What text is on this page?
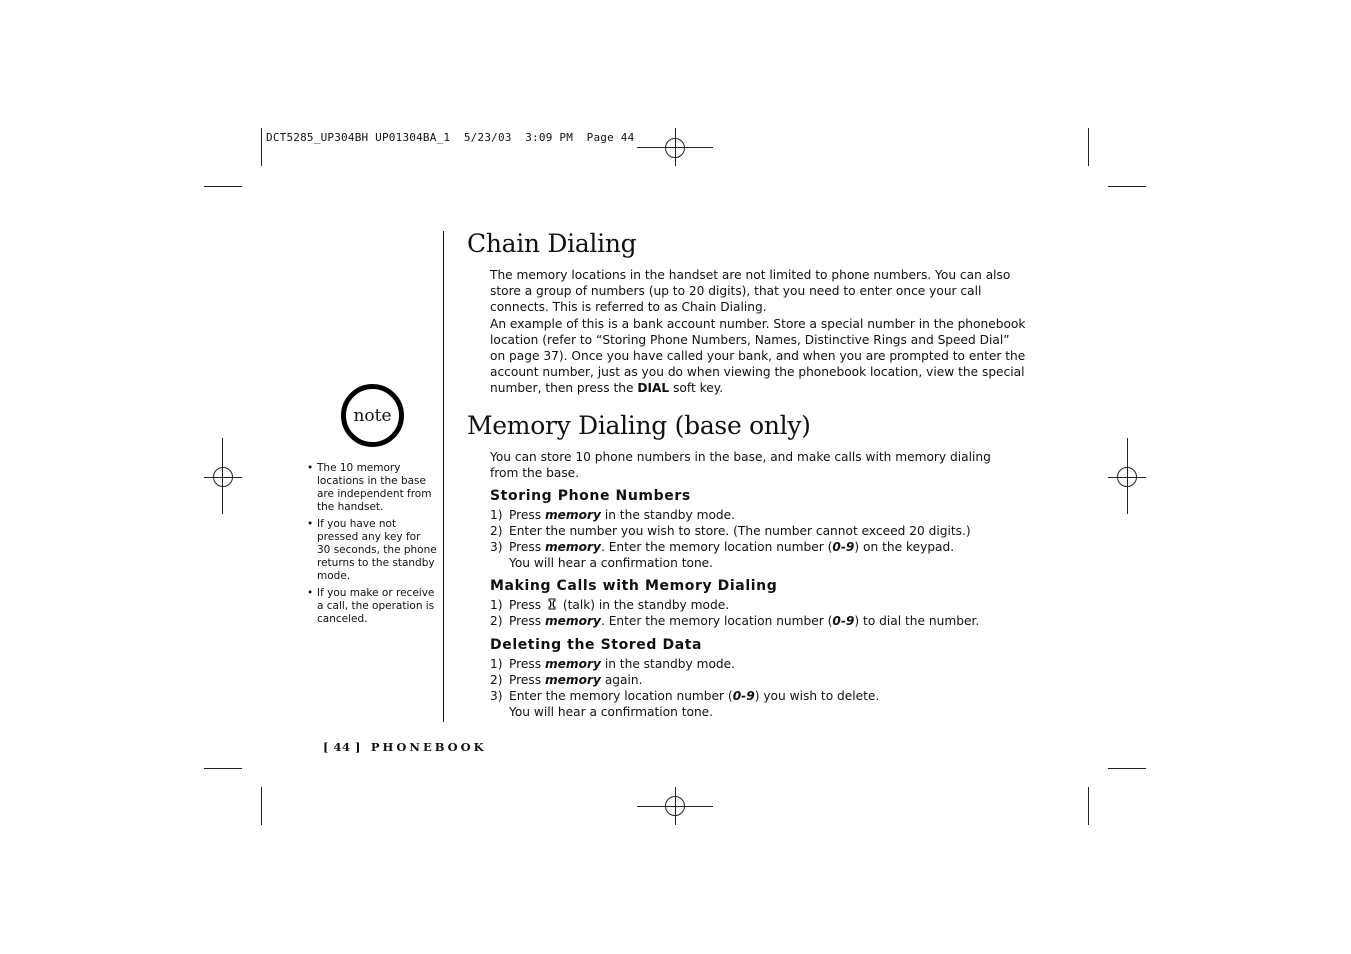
DCT5285_UP304BH UP01304BA_1  5/23/03  3:09 PM  Page 44
note
• The 10 memory locations in the base are independent from the handset.
• If you have not pressed any key for 30 seconds, the phone returns to the standby mode.
• If you make or receive a call, the operation is canceled.
Chain Dialing
The memory locations in the handset are not limited to phone numbers. You can also
store a group of numbers (up to 20 digits), that you need to enter once your call
connects. This is referred to as Chain Dialing.
An example of this is a bank account number. Store a special number in the phonebook
location (refer to “Storing Phone Numbers, Names, Distinctive Rings and Speed Dial”
on page 37). Once you have called your bank, and when you are prompted to enter the
account number, just as you do when viewing the phonebook location, view the special
number, then press the DIAL soft key.
Memory Dialing (base only)
You can store 10 phone numbers in the base, and make calls with memory dialing
from the base.
Storing Phone Numbers
1) Press memory in the standby mode.
2) Enter the number you wish to store. (The number cannot exceed 20 digits.)
3) Press memory. Enter the memory location number (0-9) on the keypad.
You will hear a confirmation tone.
Making Calls with Memory Dialing
1) Press  (talk) in the standby mode.
2) Press memory. Enter the memory location number (0-9) to dial the number.
Deleting the Stored Data
1) Press memory in the standby mode.
2) Press memory again.
3) Enter the memory location number (0-9) you wish to delete.
You will hear a confirmation tone.
[ 44 ] PHONEBOOK
